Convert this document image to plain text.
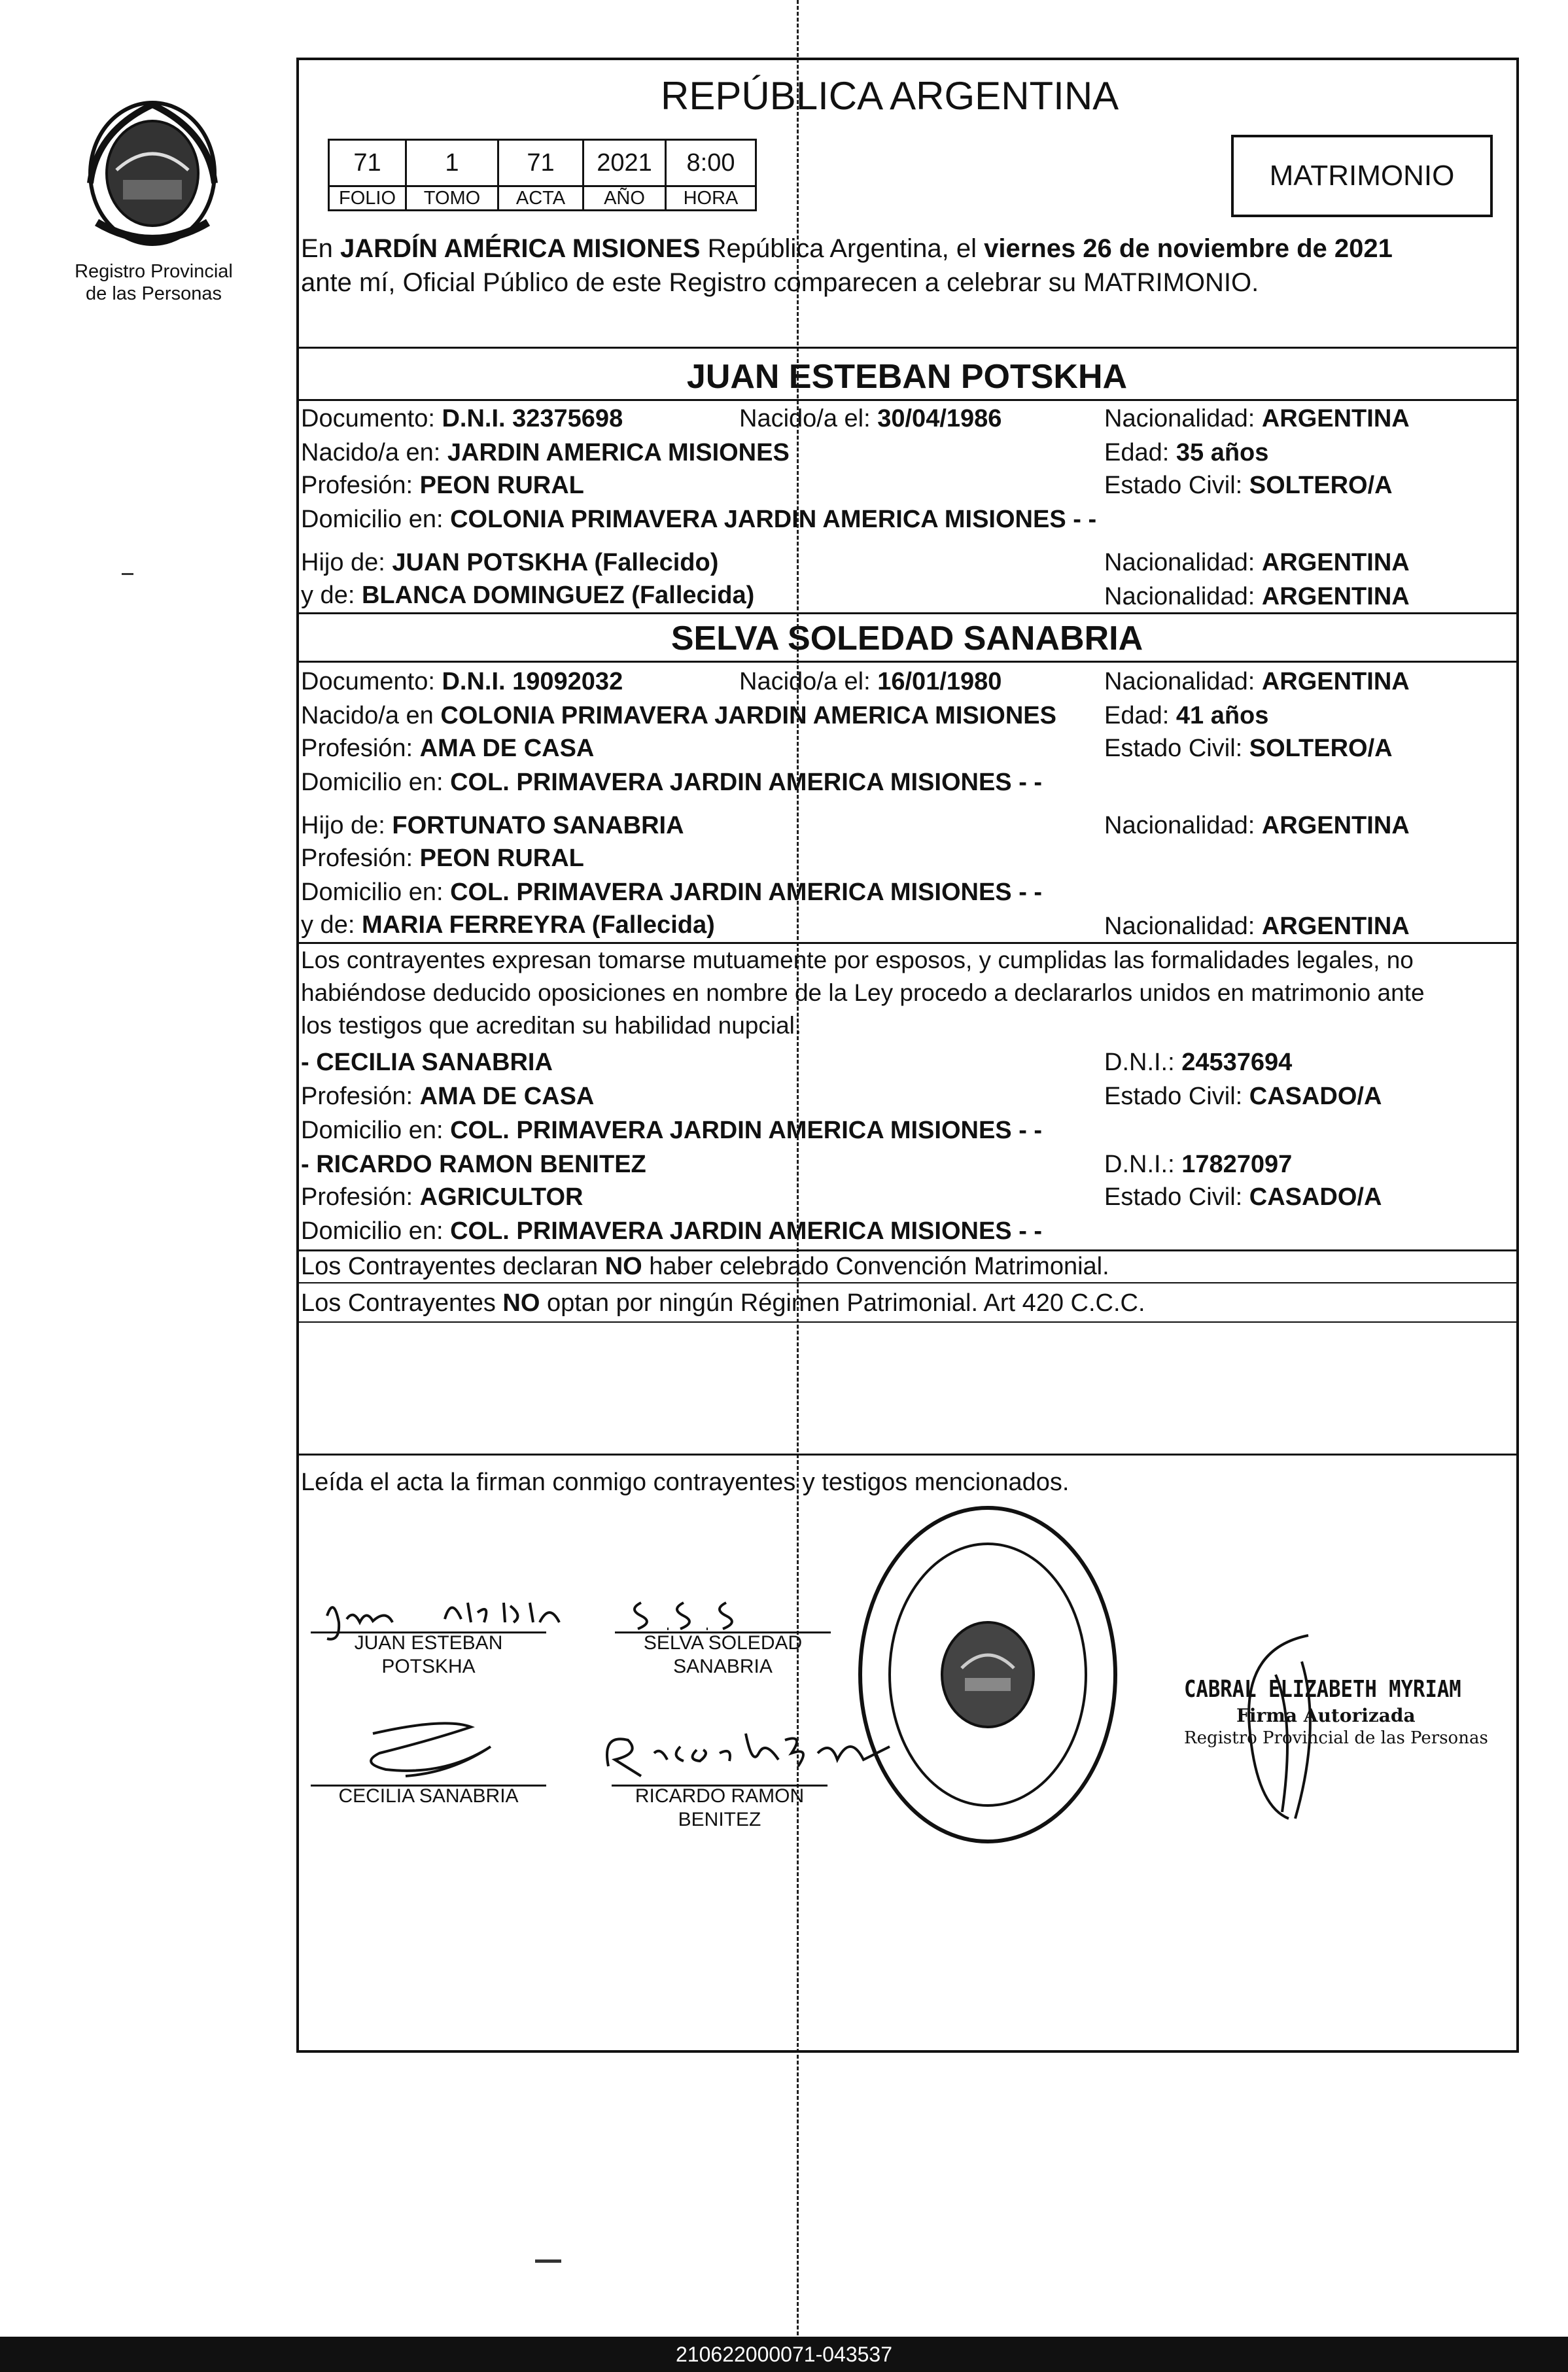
Registro Provincial
de las Personas
REPÚBLICA ARGENTINA
71	1	71	2021	8:00
FOLIO	TOMO	ACTA	AÑO	HORA
MATRIMONIO
En JARDÍN AMÉRICA MISIONES República Argentina, el viernes 26 de noviembre de 2021
ante mí, Oficial Público de este Registro comparecen a celebrar su MATRIMONIO.
JUAN ESTEBAN POTSKHA
Documento: D.N.I. 32375698	Nacido/a el: 30/04/1986	Nacionalidad: ARGENTINA
Nacido/a en: JARDIN AMERICA MISIONES	Edad: 35 años
Profesión: PEON RURAL	Estado Civil: SOLTERO/A
Domicilio en: COLONIA PRIMAVERA JARDIN AMERICA MISIONES - -
Hijo de: JUAN POTSKHA (Fallecido)	Nacionalidad: ARGENTINA
y de: BLANCA DOMINGUEZ (Fallecida)	Nacionalidad: ARGENTINA
SELVA SOLEDAD SANABRIA
Documento: D.N.I. 19092032	Nacido/a el: 16/01/1980	Nacionalidad: ARGENTINA
Nacido/a en COLONIA PRIMAVERA JARDIN AMERICA MISIONES Edad: 41 años
Profesión: AMA DE CASA	Estado Civil: SOLTERO/A
Domicilio en: COL. PRIMAVERA JARDIN AMERICA MISIONES - -
Hijo de: FORTUNATO SANABRIA	Nacionalidad: ARGENTINA
Profesión: PEON RURAL
Domicilio en: COL. PRIMAVERA JARDIN AMERICA MISIONES - -
y de: MARIA FERREYRA (Fallecida)	Nacionalidad: ARGENTINA
Los contrayentes expresan tomarse mutuamente por esposos, y cumplidas las formalidades legales, no
habiéndose deducido oposiciones en nombre de la Ley procedo a declararlos unidos en matrimonio ante
los testigos que acreditan su habilidad nupcial.
- CECILIA SANABRIA	D.N.I.: 24537694
Profesión: AMA DE CASA	Estado Civil: CASADO/A
Domicilio en: COL. PRIMAVERA JARDIN AMERICA MISIONES - -
- RICARDO RAMON BENITEZ	D.N.I.: 17827097
Profesión: AGRICULTOR	Estado Civil: CASADO/A
Domicilio en: COL. PRIMAVERA JARDIN AMERICA MISIONES - -
Los Contrayentes declaran NO haber celebrado Convención Matrimonial.
Los Contrayentes NO optan por ningún Régimen Patrimonial. Art 420 C.C.C.
Leída el acta la firman conmigo contrayentes y testigos mencionados.
JUAN ESTEBAN
POTSKHA
SELVA SOLEDAD
SANABRIA
CECILIA SANABRIA	RICARDO RAMON
BENITEZ
CABRAL ELIZABETH MYRIAM
Firma Autorizada
Registro Provincial de las Personas
210622000071-043537
